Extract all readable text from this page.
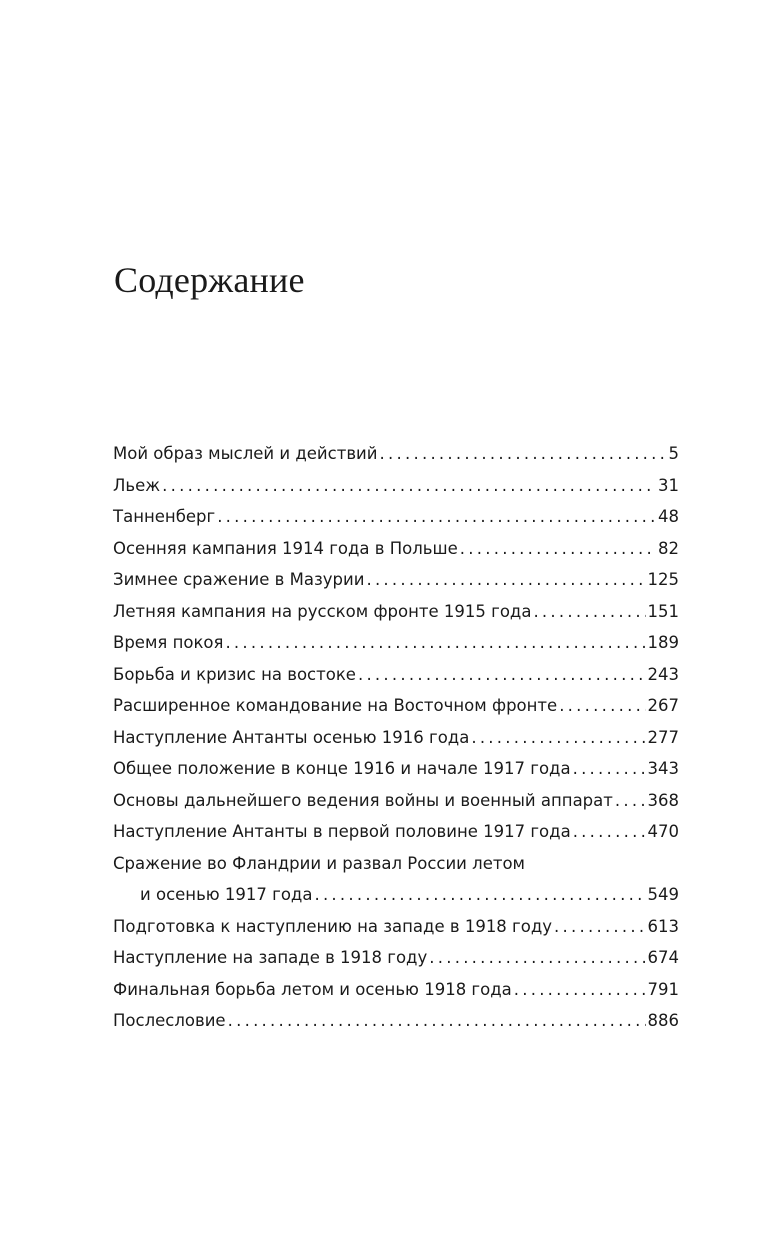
Содержание
Мой образ мыслей и действий . . .	5
Льеж . . .	31
Танненберг . . .	48
Осенняя кампания 1914 года в Польше . . .	82
Зимнее сражение в Мазурии . . .	125
Летняя кампания на русском фронте 1915 года . . .	151
Время покоя . . .	189
Борьба и кризис на востоке . . .	243
Расширенное командование на Восточном фронте . . .	267
Наступление Антанты осенью 1916 года . . .	277
Общее положение в конце 1916 и начале 1917 года . . .	343
Основы дальнейшего ведения войны и военный аппарат . . . 368
Наступление Антанты в первой половине 1917 года . . .	470
Сражение во Фландрии и развал России летом
и осенью 1917 года . . .	549
Подготовка к наступлению на западе в 1918 году . . .	613
Наступление на западе в 1918 году . . .	674
Финальная борьба летом и осенью 1918 года . . .	791
Послесловие . . .	886
